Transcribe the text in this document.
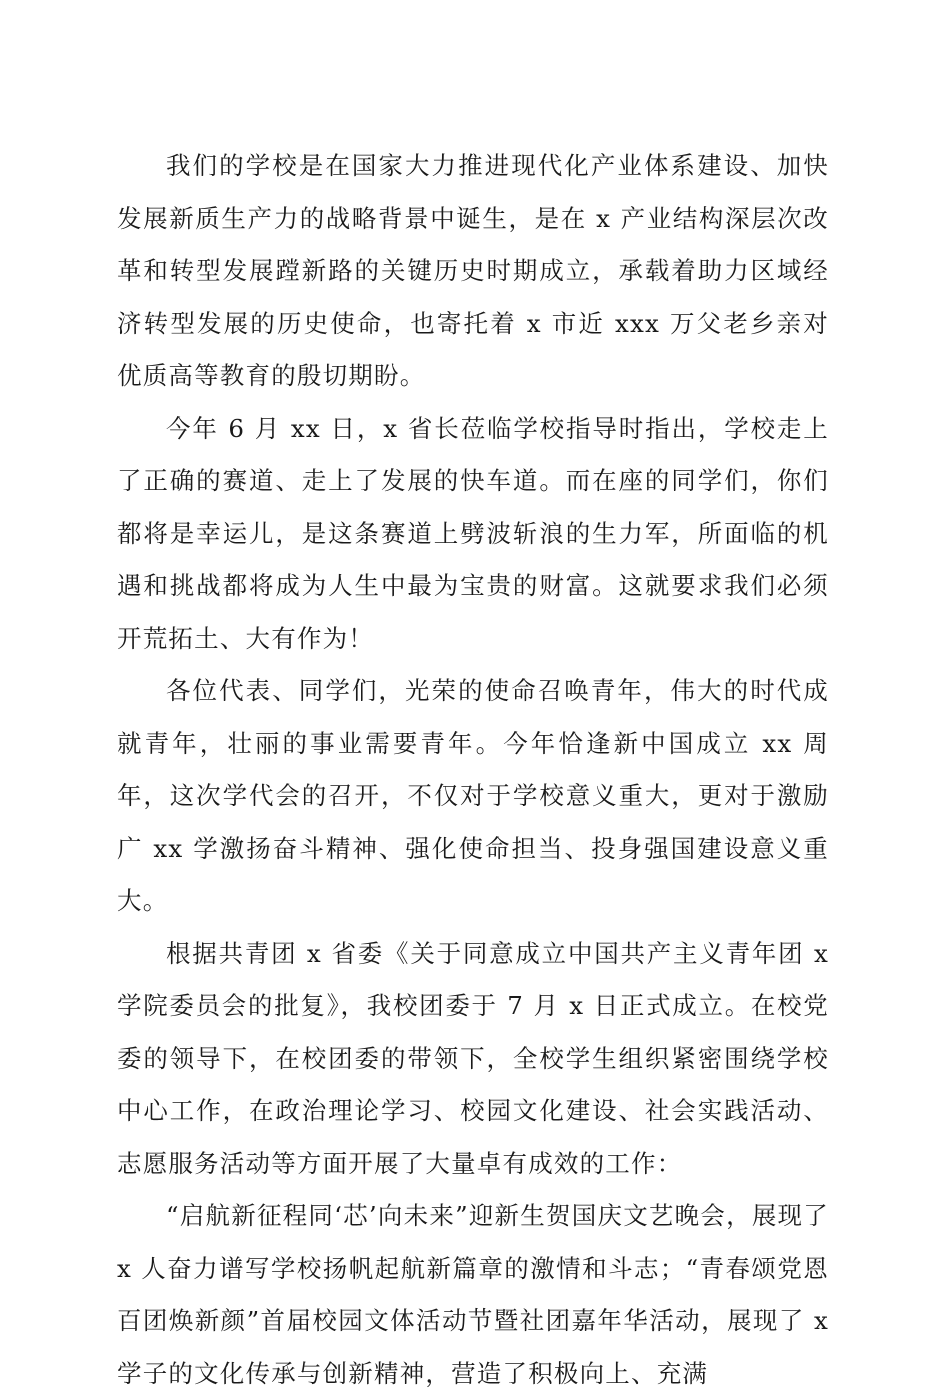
我们的学校是在国家大力推进现代化产业体系建设、加快发展新质生产力的战略背景中诞生，是在 x 产业结构深层次改革和转型发展蹚新路的关键历史时期成立，承载着助力区域经济转型发展的历史使命，也寄托着 x 市近 xxx 万父老乡亲对优质高等教育的殷切期盼。

今年 6 月 xx 日，x 省长莅临学校指导时指出，学校走上了正确的赛道、走上了发展的快车道。而在座的同学们，你们都将是幸运儿，是这条赛道上劈波斩浪的生力军，所面临的机遇和挑战都将成为人生中最为宝贵的财富。这就要求我们必须开荒拓土、大有作为！

各位代表、同学们，光荣的使命召唤青年，伟大的时代成就青年，壮丽的事业需要青年。今年恰逢新中国成立 xx 周年，这次学代会的召开，不仅对于学校意义重大，更对于激励广 xx 学激扬奋斗精神、强化使命担当、投身强国建设意义重大。

根据共青团 x 省委《关于同意成立中国共产主义青年团 x 学院委员会的批复》，我校团委于 7 月 x 日正式成立。在校党委的领导下，在校团委的带领下，全校学生组织紧密围绕学校中心工作，在政治理论学习、校园文化建设、社会实践活动、志愿服务活动等方面开展了大量卓有成效的工作：

“启航新征程同‘芯’向未来”迎新生贺国庆文艺晚会，展现了 x 人奋力谱写学校扬帆起航新篇章的激情和斗志；“青春颂党恩百团焕新颜”首届校园文体活动节暨社团嘉年华活动，展现了 x 学子的文化传承与创新精神，营造了积极向上、充满
